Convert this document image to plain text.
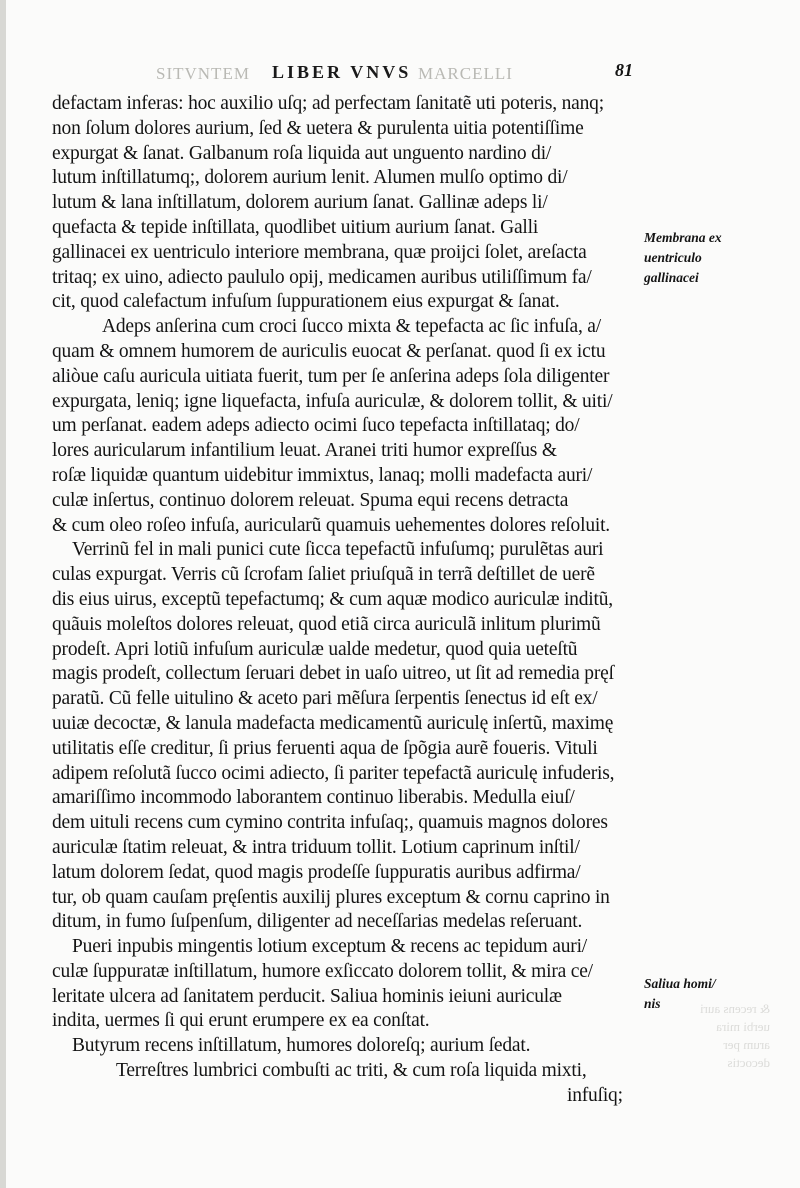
& recens auri
uerbi mira
arum per
decoctis
SITVNTEM LIBER VNVS MARCELLI	81
defactam inferas: hoc auxilio uſq; ad perfectam ſanitatẽ uti poteris, nanq;
non ſolum dolores aurium, ſed & uetera & purulenta uitia potentiſſime
expurgat & ſanat. Galbanum roſa liquida aut unguento nardino di/
lutum inſtillatumq;, dolorem aurium lenit. Alumen mulſo optimo di/
lutum & lana inſtillatum, dolorem aurium ſanat. Gallinæ adeps li/
quefacta & tepide inſtillata, quodlibet uitium aurium ſanat. Galli
gallinacei ex uentriculo interiore membrana, quæ proijci ſolet, areſacta
tritaq; ex uino, adiecto paululo opij, medicamen auribus utiliſſimum fa/
cit, quod calefactum infuſum ſuppurationem eius expurgat & ſanat.
Adeps anſerina cum croci ſucco mixta & tepefacta ac ſic infuſa, a/
quam & omnem humorem de auriculis euocat & perſanat. quod ſi ex ictu
aliòue caſu auricula uitiata fuerit, tum per ſe anſerina adeps ſola diligenter
expurgata, leniq; igne liquefacta, infuſa auriculæ, & dolorem tollit, & uiti/
um perſanat. eadem adeps adiecto ocimi ſuco tepefacta inſtillataq; do/
lores auricularum infantilium leuat. Aranei triti humor expreſſus &
roſæ liquidæ quantum uidebitur immixtus, lanaq; molli madefacta auri/
culæ inſertus, continuo dolorem releuat. Spuma equi recens detracta
& cum oleo roſeo infuſa, auricularũ quamuis uehementes dolores reſoluit.
Verrinũ fel in mali punici cute ſicca tepefactũ infuſumq; purulẽtas auri
culas expurgat. Verris cũ ſcrofam ſaliet priuſquã in terrã deſtillet de uerẽ
dis eius uirus, exceptũ tepefactumq; & cum aquæ modico auriculæ inditũ,
quãuis moleſtos dolores releuat, quod etiã circa auriculã inlitum plurimũ
prodeſt. Apri lotiũ infuſum auriculæ ualde medetur, quod quia ueteſtũ
magis prodeſt, collectum ſeruari debet in uaſo uitreo, ut ſit ad remedia pręſ
paratũ. Cũ felle uitulino & aceto pari mẽſura ſerpentis ſenectus id eſt ex/
uuiæ decoctæ, & lanula madefacta medicamentũ auriculę inſertũ, maximę
utilitatis eſſe creditur, ſi prius feruenti aqua de ſpõgia aurẽ foueris. Vituli
adipem reſolutã ſucco ocimi adiecto, ſi pariter tepefactã auriculę infuderis,
amariſſimo incommodo laborantem continuo liberabis. Medulla eiuſ/
dem uituli recens cum cymino contrita infuſaq;, quamuis magnos dolores
auriculæ ſtatim releuat, & intra triduum tollit. Lotium caprinum inſtil/
latum dolorem ſedat, quod magis prodeſſe ſuppuratis auribus adfirma/
tur, ob quam cauſam pręſentis auxilij plures exceptum & cornu caprino in
ditum, in fumo ſuſpenſum, diligenter ad neceſſarias medelas reſeruant.
Pueri inpubis mingentis lotium exceptum & recens ac tepidum auri/
culæ ſuppuratæ inſtillatum, humore exſiccato dolorem tollit, & mira ce/
leritate ulcera ad ſanitatem perducit. Saliua hominis ieiuni auriculæ
indita, uermes ſi qui erunt erumpere ex ea conſtat.
Butyrum recens inſtillatum, humores doloreſq; aurium ſedat.
Terreſtres lumbrici combuſti ac triti, & cum roſa liquida mixti,
infuſiq;
Membrana ex
uentriculo
gallinacei
Saliua homi/
nis
